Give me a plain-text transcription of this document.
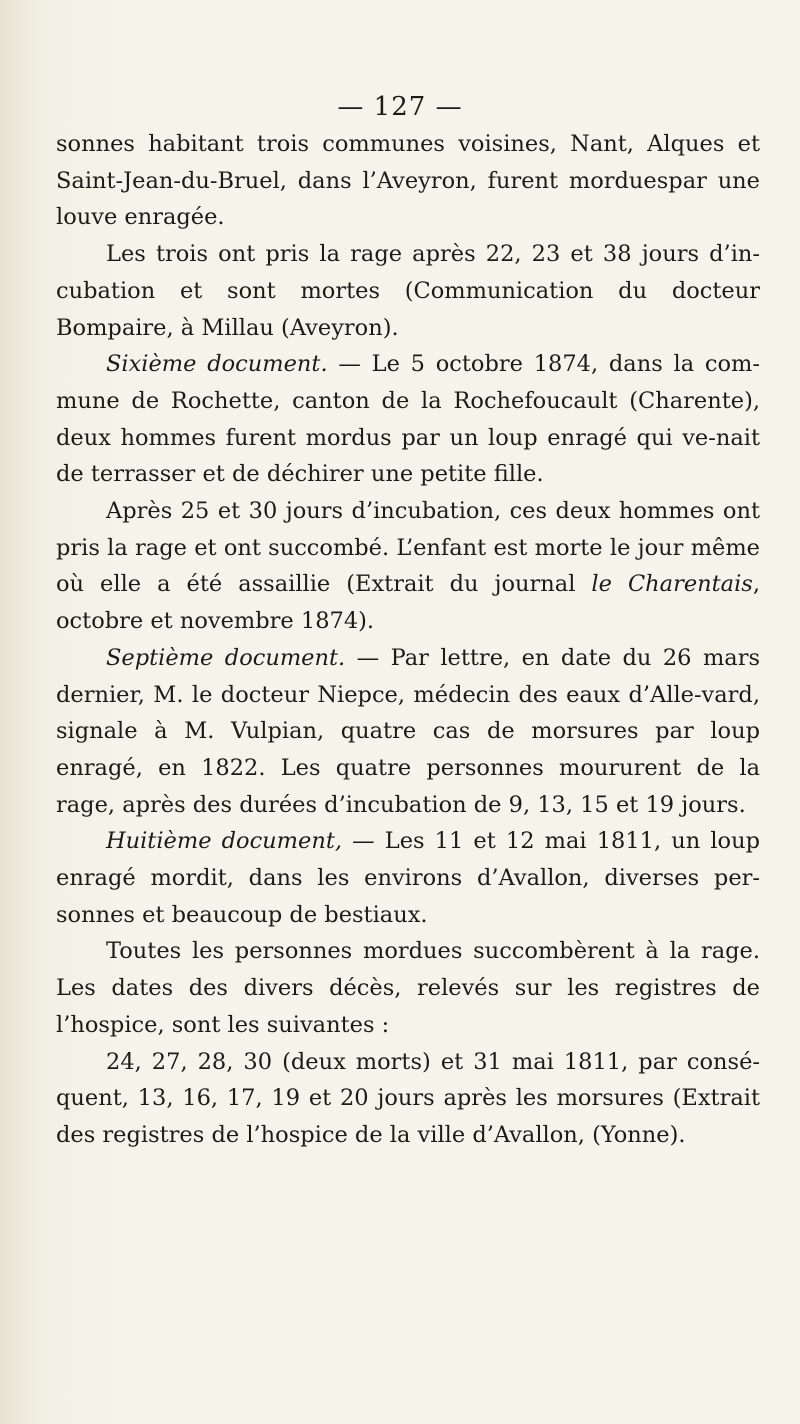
— 127 —

sonnes habitant trois communes voisines, Nant, Alques et Saint-Jean-du-Bruel, dans l’Aveyron, furent morduespar une louve enragée.

Les trois ont pris la rage après 22, 23 et 38 jours d’in-cubation et sont mortes (Communication du docteur Bompaire, à Millau (Aveyron).

Sixième document. — Le 5 octobre 1874, dans la com-mune de Rochette, canton de la Rochefoucault (Charente), deux hommes furent mordus par un loup enragé qui ve-nait de terrasser et de déchirer une petite fille.

Après 25 et 30 jours d’incubation, ces deux hommes ont pris la rage et ont succombé. L’enfant est morte le jour même où elle a été assaillie (Extrait du journal le Charentais, octobre et novembre 1874).

Septième document. — Par lettre, en date du 26 mars dernier, M. le docteur Niepce, médecin des eaux d’Alle-vard, signale à M. Vulpian, quatre cas de morsures par loup enragé, en 1822. Les quatre personnes moururent de la rage, après des durées d’incubation de 9, 13, 15 et 19 jours.

Huitième document, — Les 11 et 12 mai 1811, un loup enragé mordit, dans les environs d’Avallon, diverses per-sonnes et beaucoup de bestiaux.

Toutes les personnes mordues succombèrent à la rage. Les dates des divers décès, relevés sur les registres de l’hospice, sont les suivantes :

24, 27, 28, 30 (deux morts) et 31 mai 1811, par consé-quent, 13, 16, 17, 19 et 20 jours après les morsures (Extrait des registres de l’hospice de la ville d’Avallon, (Yonne).
